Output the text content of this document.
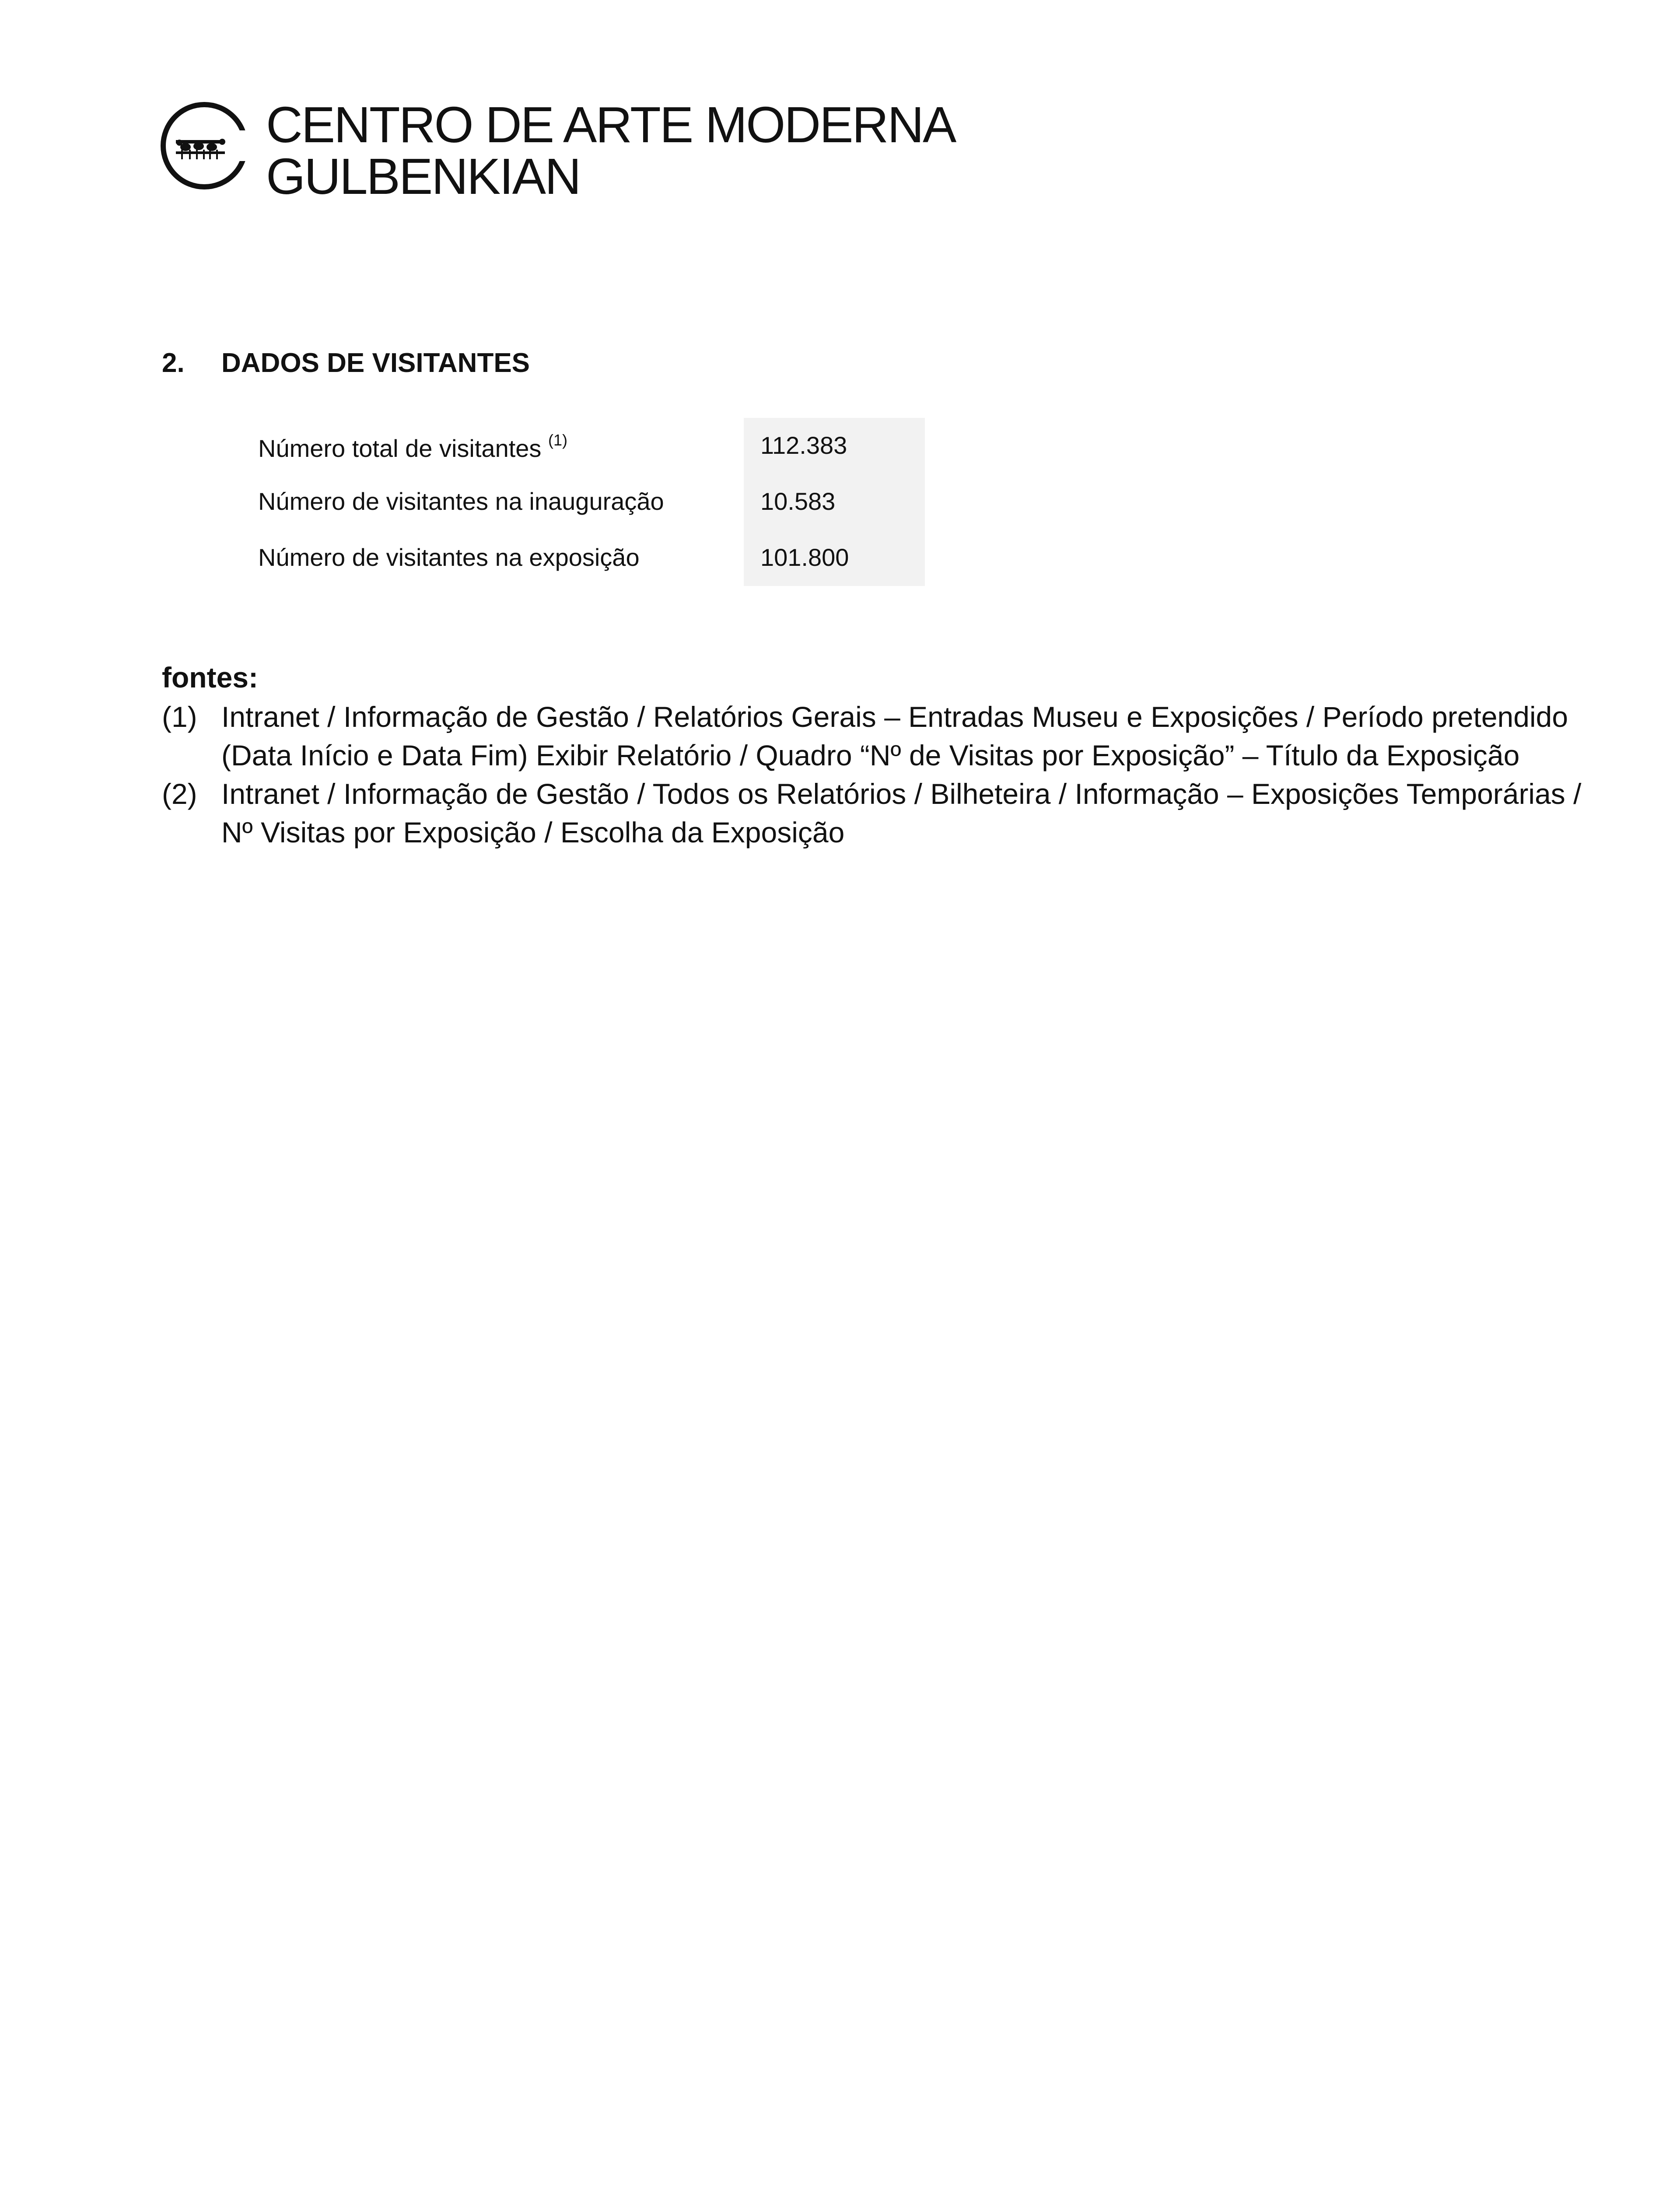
CENTRO DE ARTE MODERNA
GULBENKIAN
2. DADOS DE VISITANTES
Número total de visitantes $^{(1)}$	112.383
Número de visitantes na inauguração	10.583
Número de visitantes na exposição	101.800
fontes:
(1) Intranet / Informação de Gestão / Relatórios Gerais – Entradas Museu e Exposições / Período pretendido (Data Início e Data Fim) Exibir Relatório / Quadro “Nº de Visitas por Exposição” – Título da Exposição
(2) Intranet / Informação de Gestão / Todos os Relatórios / Bilheteira / Informação – Exposições Temporárias / Nº Visitas por Exposição / Escolha da Exposição
